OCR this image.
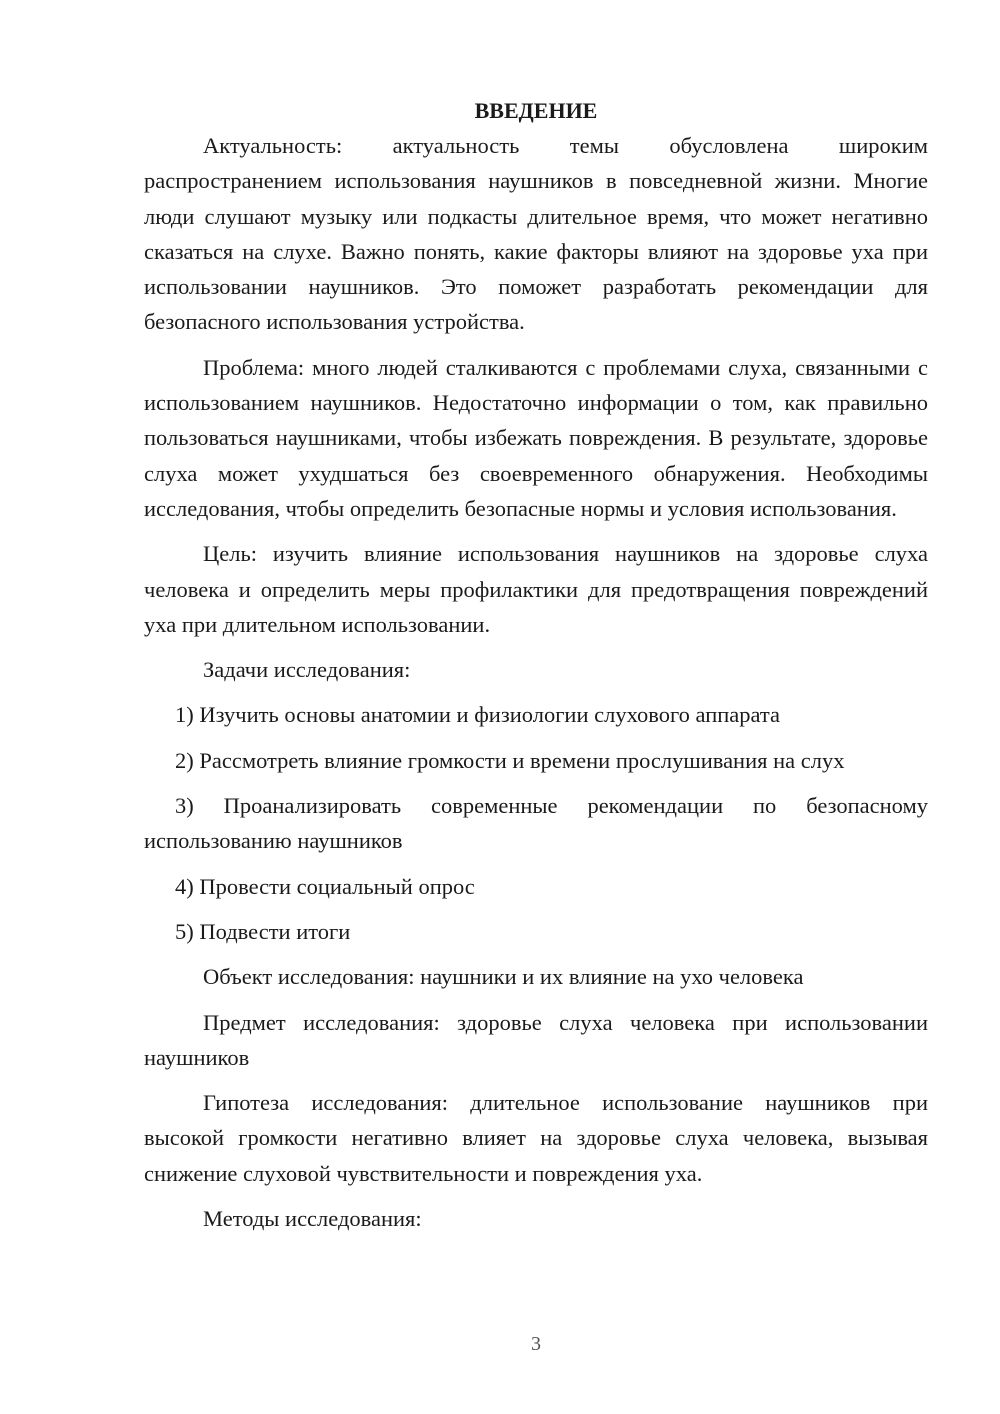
ВВЕДЕНИЕ

Актуальность: актуальность темы обусловлена широким распространением использования наушников в повседневной жизни. Многие люди слушают музыку или подкасты длительное время, что может негативно сказаться на слухе. Важно понять, какие факторы влияют на здоровье уха при использовании наушников. Это поможет разработать рекомендации для безопасного использования устройства.

Проблема: много людей сталкиваются с проблемами слуха, связанными с использованием наушников. Недостаточно информации о том, как правильно пользоваться наушниками, чтобы избежать повреждения. В результате, здоровье слуха может ухудшаться без своевременного обнаружения. Необходимы исследования, чтобы определить безопасные нормы и условия использования.

Цель: изучить влияние использования наушников на здоровье слуха человека и определить меры профилактики для предотвращения повреждений уха при длительном использовании.

Задачи исследования:

1) Изучить основы анатомии и физиологии слухового аппарата

2) Рассмотреть влияние громкости и времени прослушивания на слух

3) Проанализировать современные рекомендации по безопасному использованию наушников

4) Провести социальный опрос

5) Подвести итоги

Объект исследования: наушники и их влияние на ухо человека

Предмет исследования: здоровье слуха человека при использовании наушников

Гипотеза исследования: длительное использование наушников при высокой громкости негативно влияет на здоровье слуха человека, вызывая снижение слуховой чувствительности и повреждения уха.

Методы исследования:

3
